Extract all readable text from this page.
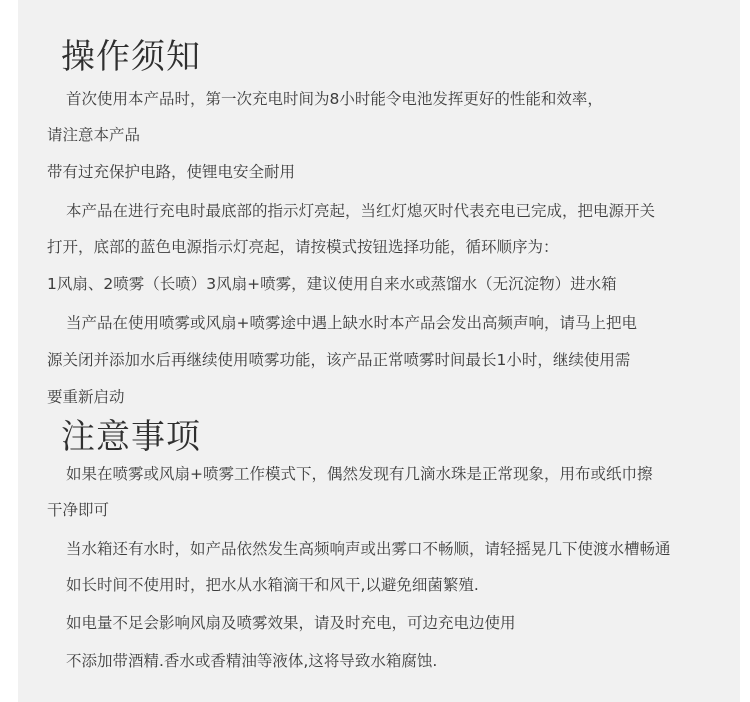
操作须知
首次使用本产品时，第一次充电时间为8小时能令电池发挥更好的性能和效率，
请注意本产品
带有过充保护电路，使锂电安全耐用
本产品在进行充电时最底部的指示灯亮起，当红灯熄灭时代表充电已完成，把电源开关
打开，底部的蓝色电源指示灯亮起，请按模式按钮选择功能，循环顺序为：
1风扇、2喷雾（长喷）3风扇+喷雾，建议使用自来水或蒸馏水（无沉淀物）进水箱
当产品在使用喷雾或风扇+喷雾途中遇上缺水时本产品会发出高频声响，请马上把电
源关闭并添加水后再继续使用喷雾功能，该产品正常喷雾时间最长1小时，继续使用需
要重新启动
注意事项
如果在喷雾或风扇+喷雾工作模式下，偶然发现有几滴水珠是正常现象，用布或纸巾擦
干净即可
当水箱还有水时，如产品依然发生高频响声或出雾口不畅顺，请轻摇晃几下使渡水槽畅通
如长时间不使用时，把水从水箱滴干和风干,以避免细菌繁殖.
如电量不足会影响风扇及喷雾效果，请及时充电，可边充电边使用
不添加带酒精.香水或香精油等液体,这将导致水箱腐蚀.
